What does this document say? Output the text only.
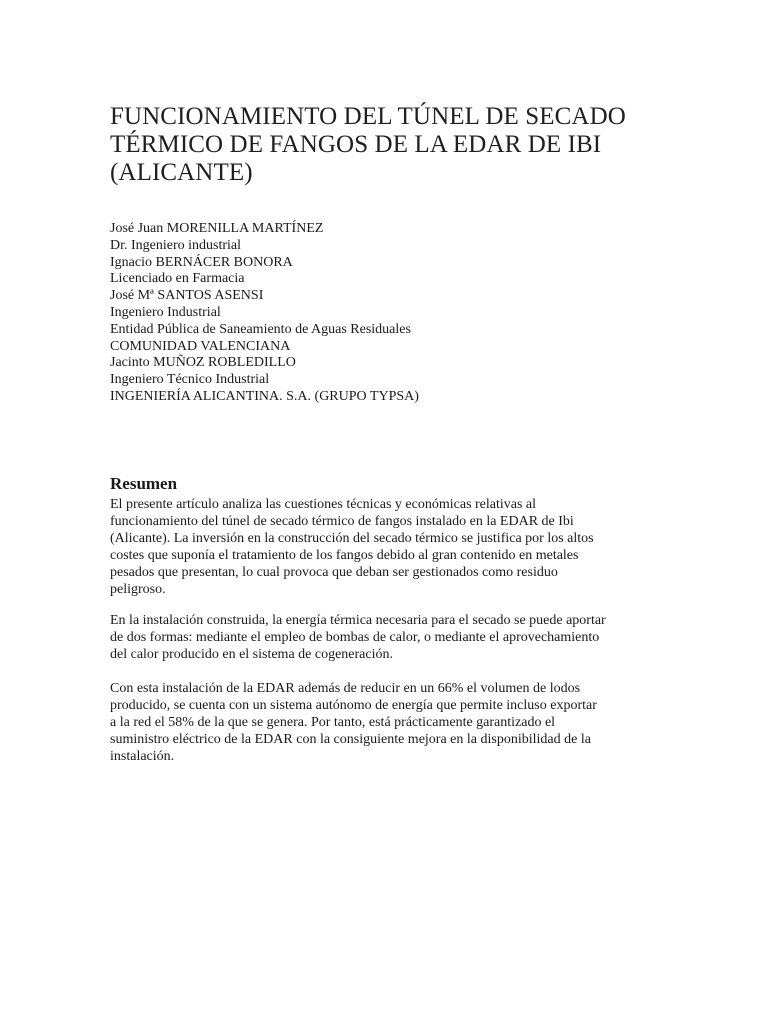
FUNCIONAMIENTO DEL TÚNEL DE SECADO
TÉRMICO DE FANGOS DE LA EDAR DE IBI
(ALICANTE)
José Juan MORENILLA MARTÍNEZ
Dr. Ingeniero industrial
Ignacio BERNÁCER BONORA
Licenciado en Farmacia
José Mª SANTOS ASENSI
Ingeniero Industrial
Entidad Pública de Saneamiento de Aguas Residuales
COMUNIDAD VALENCIANA
Jacinto MUÑOZ ROBLEDILLO
Ingeniero Técnico Industrial
INGENIERÍA ALICANTINA. S.A. (GRUPO TYPSA)
Resumen

El presente artículo analiza las cuestiones técnicas y económicas relativas al
funcionamiento del túnel de secado térmico de fangos instalado en la EDAR de Ibi
(Alicante). La inversión en la construcción del secado térmico se justifica por los altos
costes que suponía el tratamiento de los fangos debido al gran contenido en metales
pesados que presentan, lo cual provoca que deban ser gestionados como residuo
peligroso.

En la instalación construida, la energía térmica necesaria para el secado se puede aportar
de dos formas: mediante el empleo de bombas de calor, o mediante el aprovechamiento
del calor producido en el sistema de cogeneración.

Con esta instalación de la EDAR además de reducir en un 66% el volumen de lodos
producido, se cuenta con un sistema autónomo de energía que permite incluso exportar
a la red el 58% de la que se genera. Por tanto, está prácticamente garantizado el
suministro eléctrico de la EDAR con la consiguiente mejora en la disponibilidad de la
instalación.
